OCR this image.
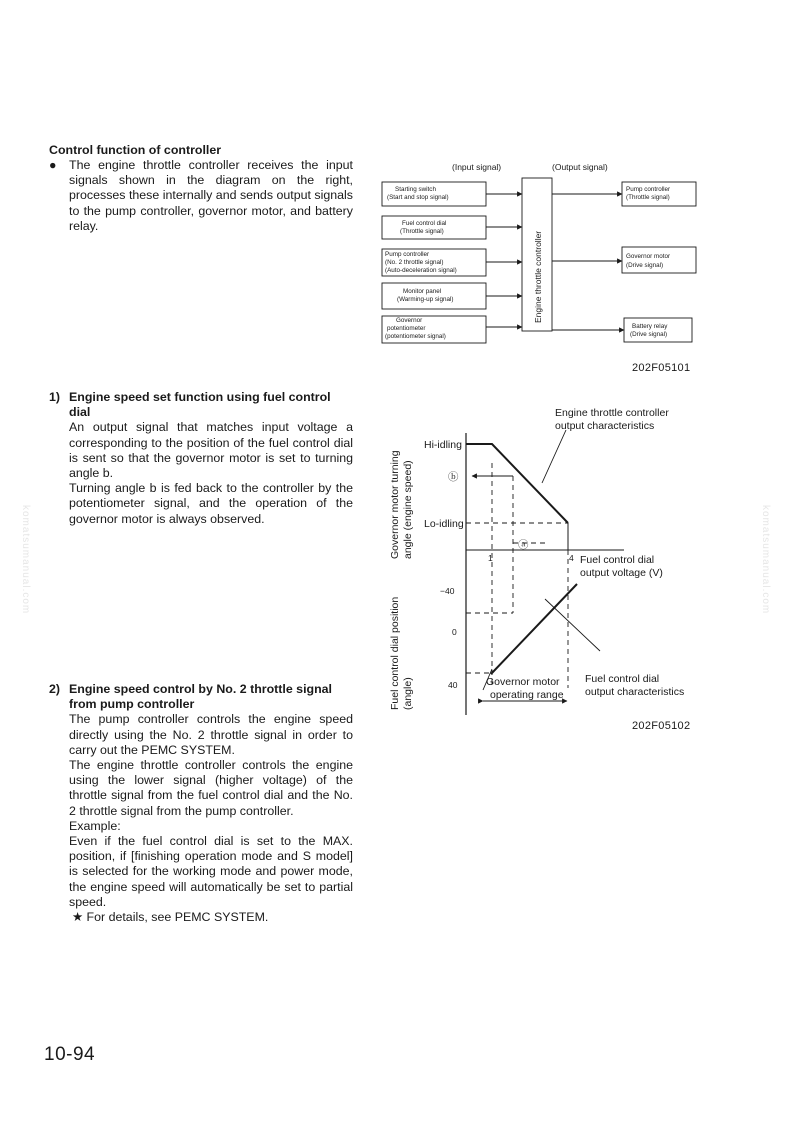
Control function of controller
●	The engine throttle controller receives the input signals shown in the diagram on the right, processes these internally and sends output signals to the pump controller, governor motor, and battery relay.
1) Engine speed set function using fuel control dial

An output signal that matches input voltage a corresponding to the position of the fuel control dial is sent so that the governor motor is set to turning angle b.

Turning angle b is fed back to the controller by the potentiometer signal, and the operation of the governor motor is always observed.

2) Engine speed control by No. 2 throttle signal from pump controller

The pump controller controls the engine speed directly using the No. 2 throttle signal in order to carry out the PEMC SYSTEM.

The engine throttle controller controls the engine using the lower signal (higher voltage) of the throttle signal from the fuel control dial and the No. 2 throttle signal from the pump controller.

Example:

Even if the fuel control dial is set to the MAX. position, if [finishing operation mode and S model] is selected for the working mode and power mode, the engine speed will automatically be set to partial speed.

★ For details, see PEMC SYSTEM.

10-94
komatsumanual.com	komatsumanual.com
(Input signal)	(Output signal)
Engine throttle controller
Starting switch
(Start and stop signal)
Fuel control dial
(Throttle signal)
Pump controller
(No. 2 throttle signal)
(Auto-deceleration signal)
Monitor panel
(Warming-up signal)
Governor
potentiometer
(potentiometer signal)
Pump controller
(Throttle signal)
Governor motor
(Drive signal)
Battery relay
(Drive signal)
202F05101
Engine throttle controller
output characteristics
Governor motor turning angle (engine speed)
Fuel control dial position (angle)
Hi-idling
Lo-idling
ⓑ
ⓐ
1	4 Fuel control dial
output voltage (V)
−40
0
40	Governor motor
operating range
Fuel control dial
output characteristics
202F05102
